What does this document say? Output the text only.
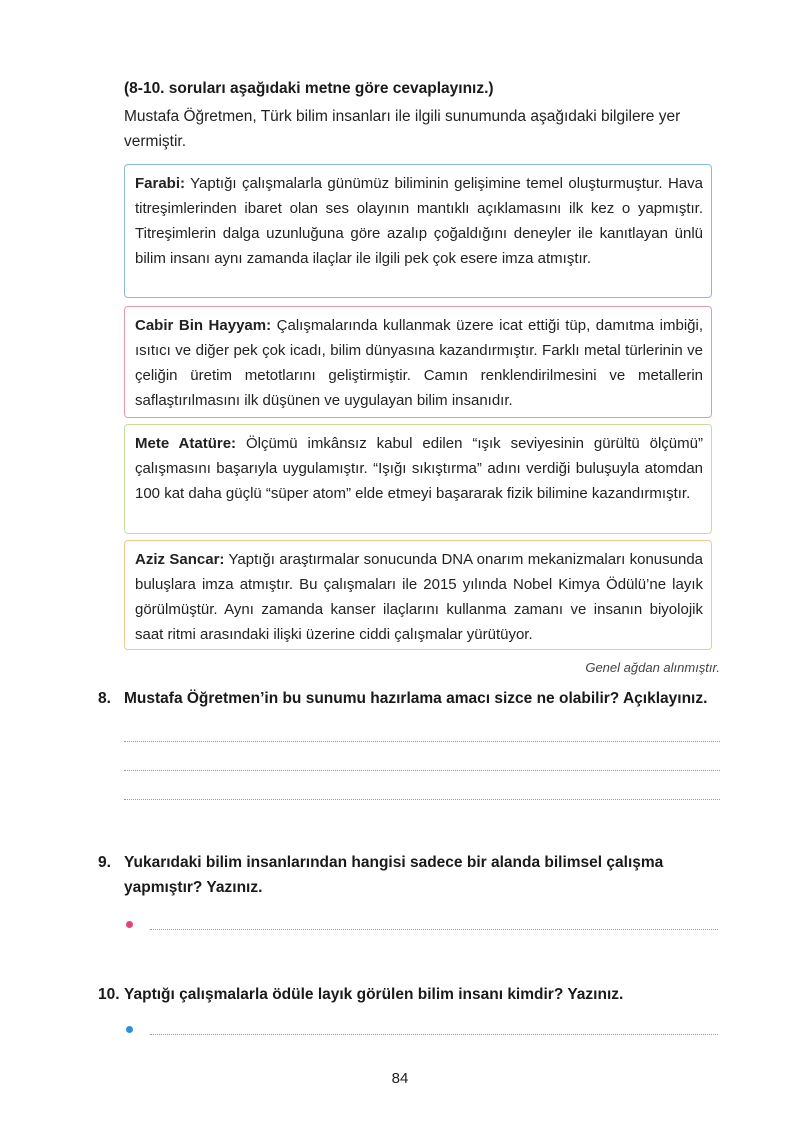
(8-10. soruları aşağıdaki metne göre cevaplayınız.)
Mustafa Öğretmen, Türk bilim insanları ile ilgili sunumunda aşağıdaki bilgilere yer vermiştir.
Farabi: Yaptığı çalışmalarla günümüz biliminin gelişimine temel oluşturmuştur. Hava titreşimlerinden ibaret olan ses olayının mantıklı açıklamasını ilk kez o yapmıştır. Titreşimlerin dalga uzunluğuna göre azalıp çoğaldığını deneyler ile kanıtlayan ünlü bilim insanı aynı zamanda ilaçlar ile ilgili pek çok esere imza atmıştır.
Cabir Bin Hayyam: Çalışmalarında kullanmak üzere icat ettiği tüp, damıtma imbiği, ısıtıcı ve diğer pek çok icadı, bilim dünyasına kazandırmıştır. Farklı metal türlerinin ve çeliğin üretim metotlarını geliştirmiştir. Camın renklendirilmesini ve metallerin saflaştırılmasını ilk düşünen ve uygulayan bilim insanıdır.
Mete Atatüre: Ölçümü imkânsız kabul edilen “ışık seviyesinin gürültü ölçümü” çalışmasını başarıyla uygulamıştır. “Işığı sıkıştırma” adını verdiği buluşuyla atomdan 100 kat daha güçlü “süper atom” elde etmeyi başararak fizik bilimine kazandırmıştır.
Aziz Sancar: Yaptığı araştırmalar sonucunda DNA onarım mekanizmaları konusunda buluşlara imza atmıştır. Bu çalışmaları ile 2015 yılında Nobel Kimya Ödülü’ne layık görülmüştür. Aynı zamanda kanser ilaçlarını kullanma zamanı ve insanın biyolojik saat ritmi arasındaki ilişki üzerine ciddi çalışmalar yürütüyor.
Genel ağdan alınmıştır.
8. Mustafa Öğretmen’in bu sunumu hazırlama amacı sizce ne olabilir? Açıklayınız.
9. Yukarıdaki bilim insanlarından hangisi sadece bir alanda bilimsel çalışma
yapmıştır? Yazınız.
10. Yaptığı çalışmalarla ödüle layık görülen bilim insanı kimdir? Yazınız.
84
